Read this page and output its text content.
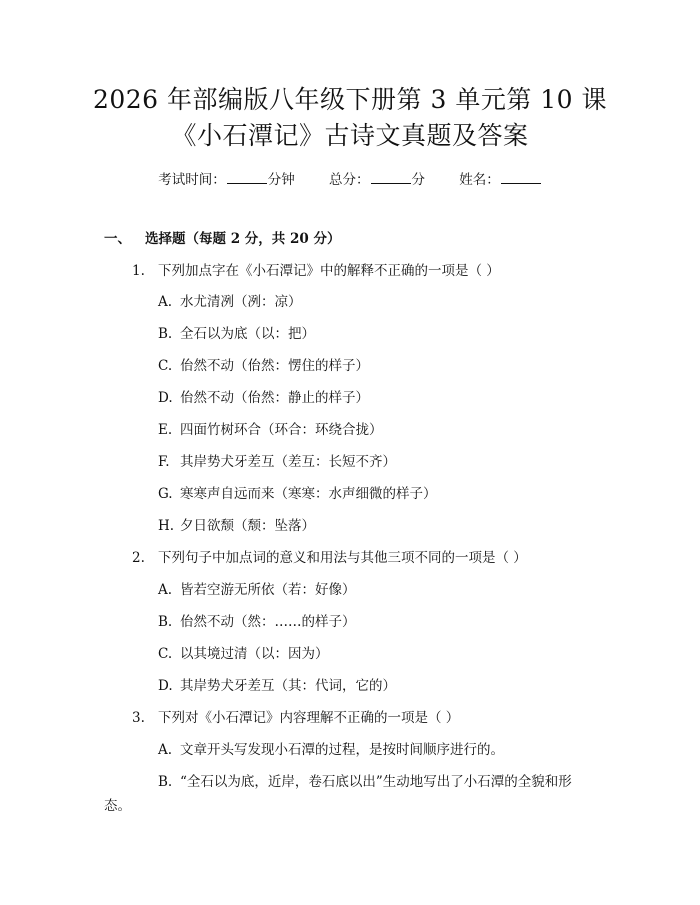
2026 年部编版八年级下册第 3 单元第 10 课
《小石潭记》古诗文真题及答案
考试时间：	分钟	总分：	分	姓名：
一、 选择题（每题 2 分，共 20 分）
1. 下列加点字在《小石潭记》中的解释不正确的一项是（ ）
A. 水尤清冽（冽：凉）
B. 全石以为底（以：把）
C. 佁然不动（佁然：愣住的样子）
D. 佁然不动（佁然：静止的样子）
E. 四面竹树环合（环合：环绕合拢）
F. 其岸势犬牙差互（差互：长短不齐）
G. 寒寒声自远而来（寒寒：水声细微的样子）
H. 夕日欲颓（颓：坠落）
2. 下列句子中加点词的意义和用法与其他三项不同的一项是（ ）
A. 皆若空游无所依（若：好像）
B. 佁然不动（然：……的样子）
C. 以其境过清（以：因为）
D. 其岸势犬牙差互（其：代词，它的）
3. 下列对《小石潭记》内容理解不正确的一项是（ ）
A. 文章开头写发现小石潭的过程，是按时间顺序进行的。
B. “全石以为底，近岸，卷石底以出”生动地写出了小石潭的全貌和形
态。
